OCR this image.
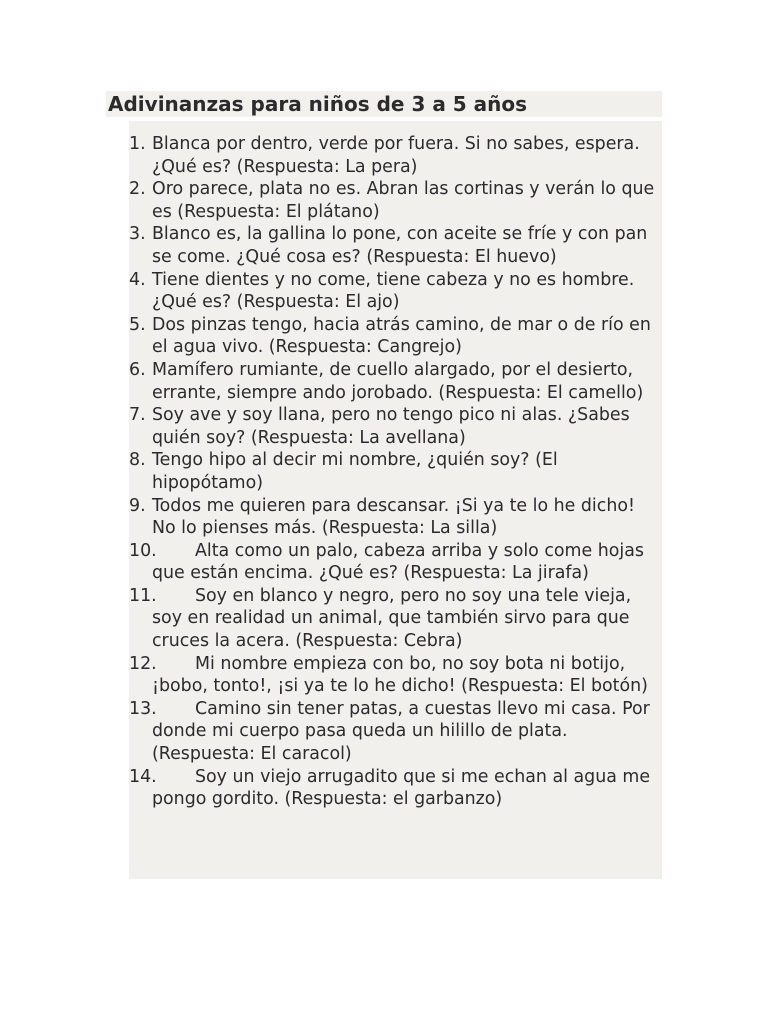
Adivinanzas para niños de 3 a 5 años
1. Blanca por dentro, verde por fuera. Si no sabes, espera. ¿Qué es? (Respuesta: La pera)
2. Oro parece, plata no es. Abran las cortinas y verán lo que es (Respuesta: El plátano)
3. Blanco es, la gallina lo pone, con aceite se fríe y con pan se come. ¿Qué cosa es? (Respuesta: El huevo)
4. Tiene dientes y no come, tiene cabeza y no es hombre. ¿Qué es? (Respuesta: El ajo)
5. Dos pinzas tengo, hacia atrás camino, de mar o de río en el agua vivo. (Respuesta: Cangrejo)
6. Mamífero rumiante, de cuello alargado, por el desierto, errante, siempre ando jorobado. (Respuesta: El camello)
7. Soy ave y soy llana, pero no tengo pico ni alas. ¿Sabes quién soy? (Respuesta: La avellana)
8. Tengo hipo al decir mi nombre, ¿quién soy? (El hipopótamo)
9. Todos me quieren para descansar. ¡Si ya te lo he dicho! No lo pienses más. (Respuesta: La silla)
10. Alta como un palo, cabeza arriba y solo come hojas que están encima. ¿Qué es? (Respuesta: La jirafa)
11. Soy en blanco y negro, pero no soy una tele vieja, soy en realidad un animal, que también sirvo para que cruces la acera. (Respuesta: Cebra)
12. Mi nombre empieza con bo, no soy bota ni botijo, ¡bobo, tonto!, ¡si ya te lo he dicho! (Respuesta: El botón)
13. Camino sin tener patas, a cuestas llevo mi casa. Por donde mi cuerpo pasa queda un hilillo de plata. (Respuesta: El caracol)
14. Soy un viejo arrugadito que si me echan al agua me pongo gordito. (Respuesta: el garbanzo)
